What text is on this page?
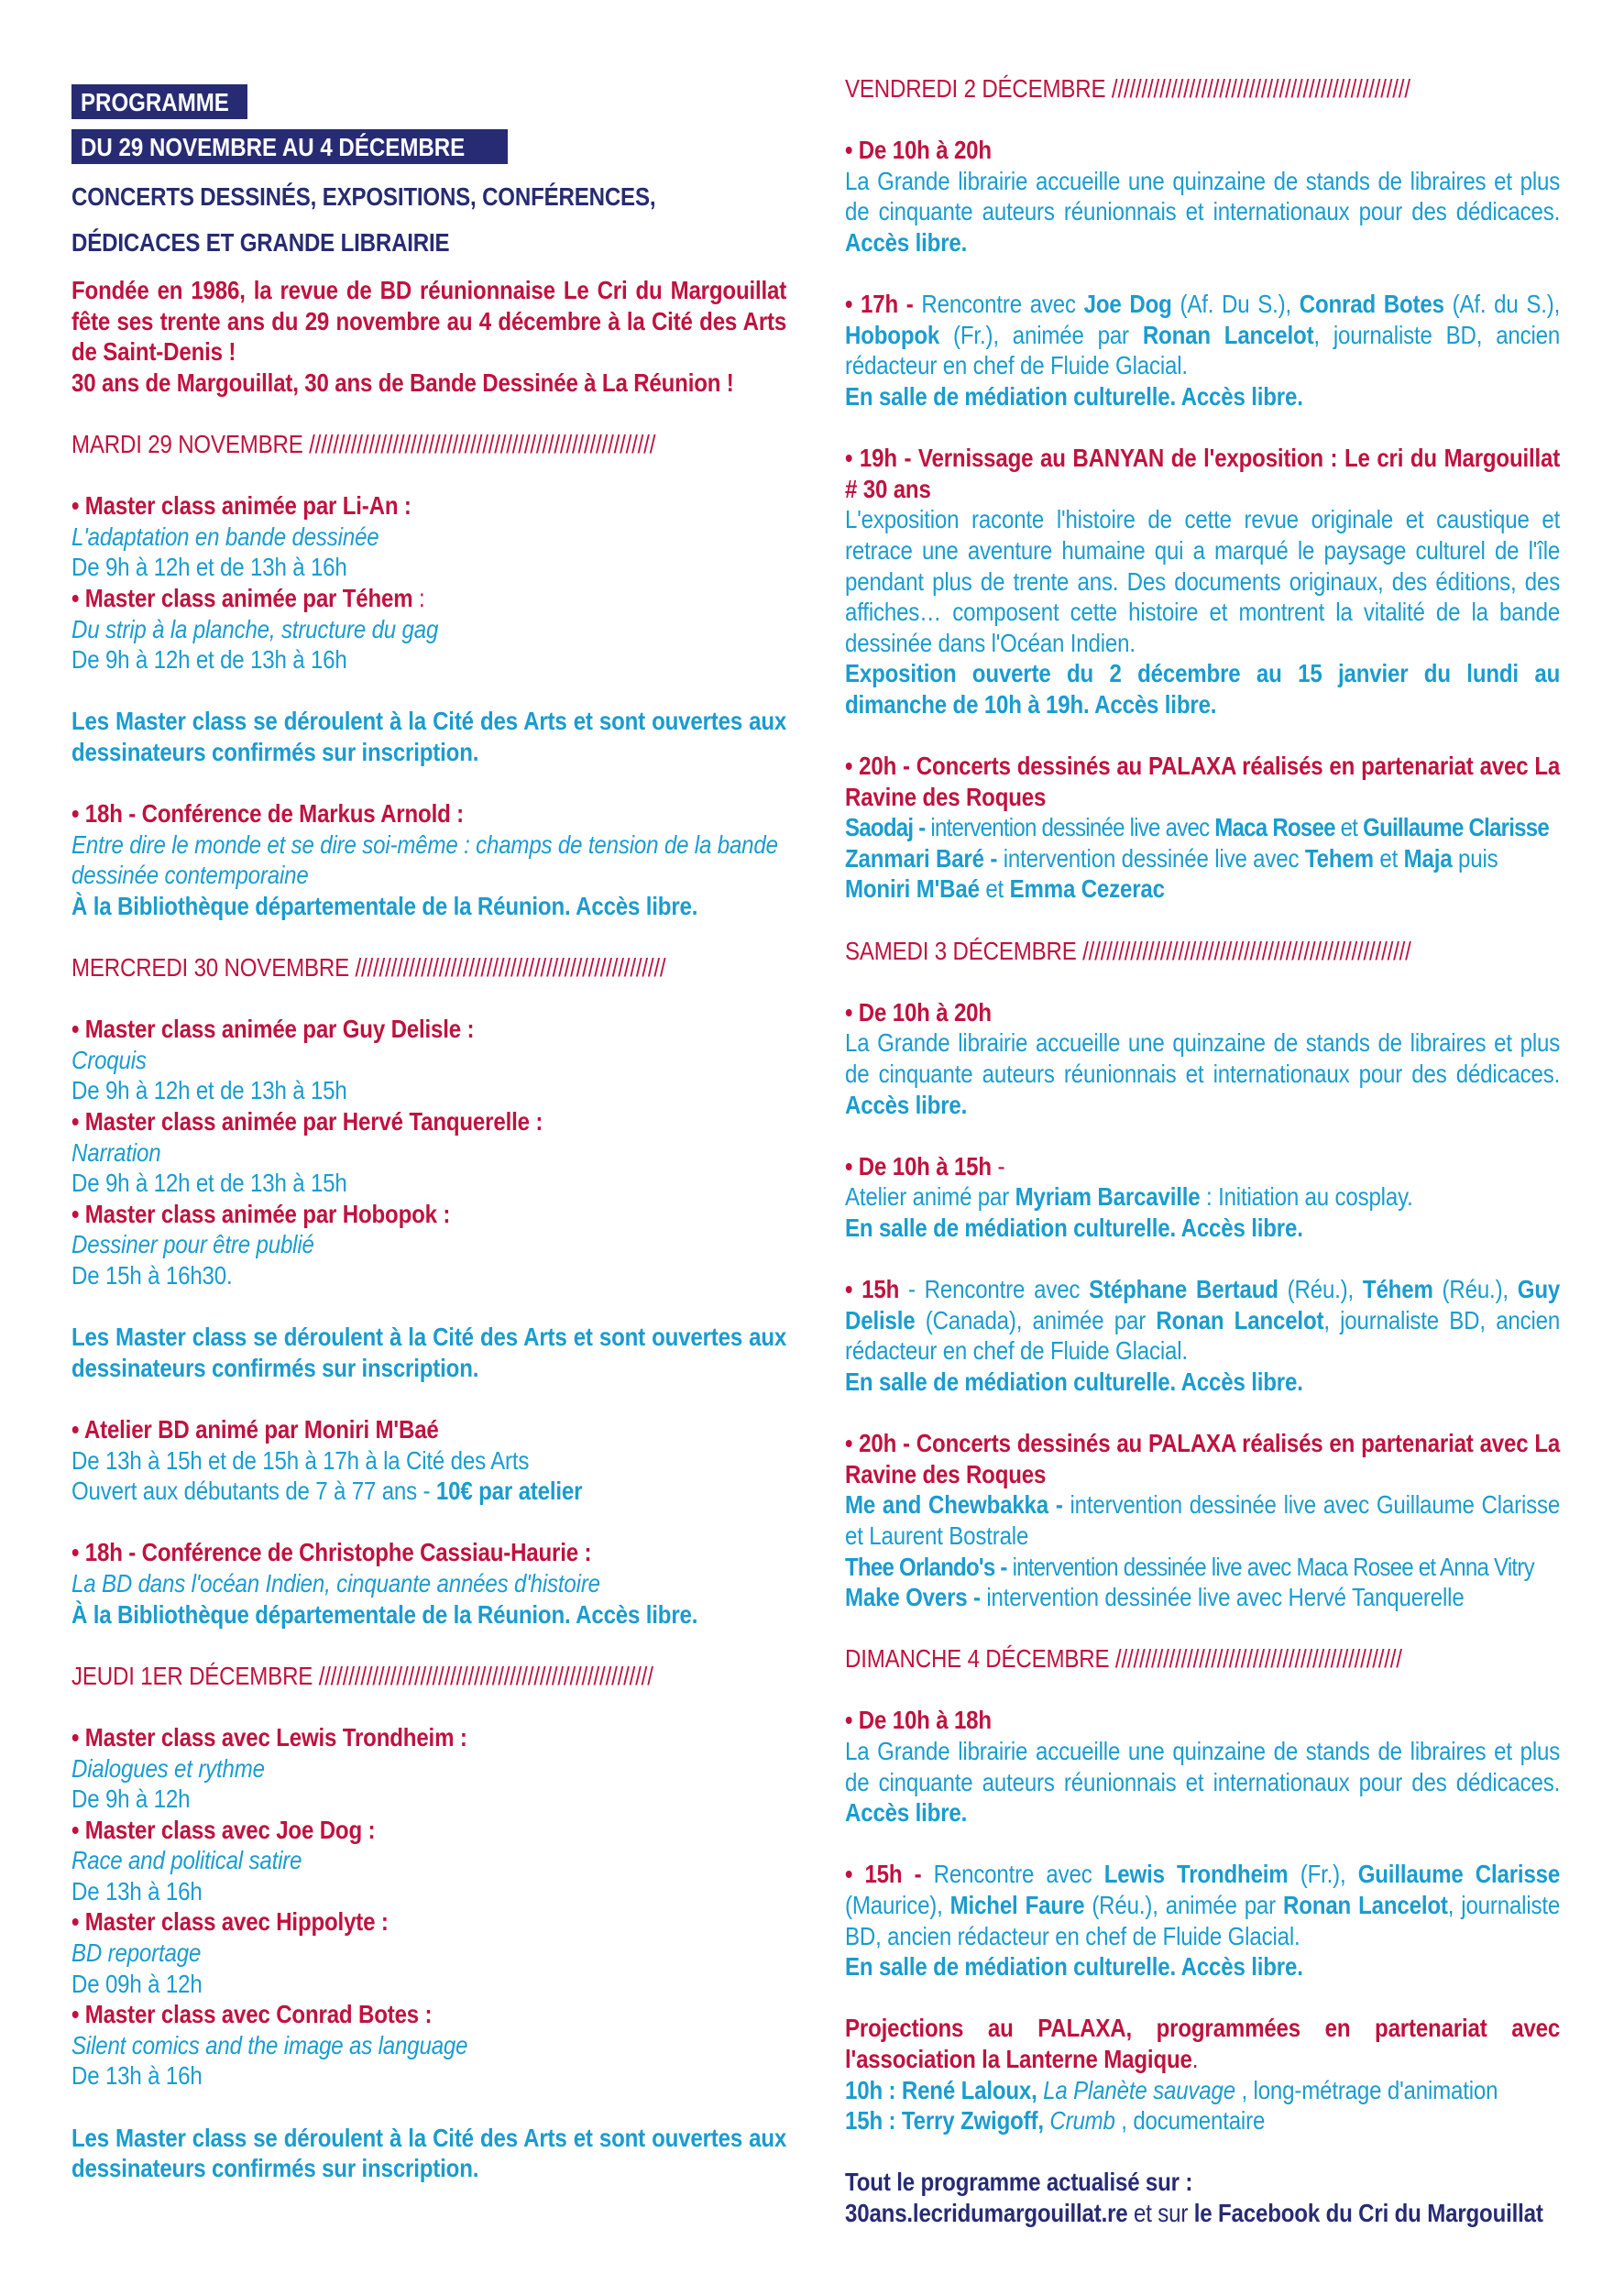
PROGRAMME
DU 29 NOVEMBRE AU 4 DÉCEMBRE
CONCERTS DESSINÉS, EXPOSITIONS, CONFÉRENCES,
DÉDICACES ET GRANDE LIBRAIRIE
Fondée en 1986, la revue de BD réunionnaise Le Cri du Margouillat fête ses trente ans du 29 novembre au 4 décembre à la Cité des Arts de Saint-Denis !
30 ans de Margouillat, 30 ans de Bande Dessinée à La Réunion !
MARDI 29 NOVEMBRE //////////////////////////////////////////////////////////
• Master class animée par Li-An :
L'adaptation en bande dessinée
De 9h à 12h et de 13h à 16h
• Master class animée par Téhem :
Du strip à la planche, structure du gag
De 9h à 12h et de 13h à 16h
Les Master class se déroulent à la Cité des Arts et sont ouvertes aux dessinateurs confirmés sur inscription.
• 18h - Conférence de Markus Arnold :
Entre dire le monde et se dire soi-même : champs de tension de la bande dessinée contemporaine
À la Bibliothèque départementale de la Réunion. Accès libre.
MERCREDI 30 NOVEMBRE ////////////////////////////////////////////////////
• Master class animée par Guy Delisle :
Croquis
De 9h à 12h et de 13h à 15h
• Master class animée par Hervé Tanquerelle :
Narration
De 9h à 12h et de 13h à 15h
• Master class animée par Hobopok :
Dessiner pour être publié
De 15h à 16h30.
Les Master class se déroulent à la Cité des Arts et sont ouvertes aux dessinateurs confirmés sur inscription.
• Atelier BD animé par Moniri M'Baé
De 13h à 15h et de 15h à 17h à la Cité des Arts
Ouvert aux débutants de 7 à 77 ans - 10€ par atelier
• 18h - Conférence de Christophe Cassiau-Haurie :
La BD dans l'océan Indien, cinquante années d'histoire
À la Bibliothèque départementale de la Réunion. Accès libre.
JEUDI 1ER DÉCEMBRE ////////////////////////////////////////////////////////
• Master class avec Lewis Trondheim :
Dialogues et rythme
De 9h à 12h
• Master class avec Joe Dog :
Race and political satire
De 13h à 16h
• Master class avec Hippolyte :
BD reportage
De 09h à 12h
• Master class avec Conrad Botes :
Silent comics and the image as language
De 13h à 16h
Les Master class se déroulent à la Cité des Arts et sont ouvertes aux dessinateurs confirmés sur inscription.
VENDREDI 2 DÉCEMBRE //////////////////////////////////////////////////
• De 10h à 20h
La Grande librairie accueille une quinzaine de stands de libraires et plus de cinquante auteurs réunionnais et internationaux pour des dédicaces. Accès libre.
• 17h - Rencontre avec Joe Dog (Af. Du S.), Conrad Botes (Af. du S.), Hobopok (Fr.), animée par Ronan Lancelot, journaliste BD, ancien rédacteur en chef de Fluide Glacial.
En salle de médiation culturelle. Accès libre.
• 19h - Vernissage au BANYAN de l'exposition : Le cri du Margouillat # 30 ans
L'exposition raconte l'histoire de cette revue originale et caustique et retrace une aventure humaine qui a marqué le paysage culturel de l'île pendant plus de trente ans. Des documents originaux, des éditions, des affiches… composent cette histoire et montrent la vitalité de la bande dessinée dans l'Océan Indien.
Exposition ouverte du 2 décembre au 15 janvier du lundi au dimanche de 10h à 19h. Accès libre.
• 20h - Concerts dessinés au PALAXA réalisés en partenariat avec La Ravine des Roques
Saodaj - intervention dessinée live avec Maca Rosee et Guillaume Clarisse
Zanmari Baré - intervention dessinée live avec Tehem et Maja puis Moniri M'Baé et Emma Cezerac
SAMEDI 3 DÉCEMBRE ///////////////////////////////////////////////////////
• De 10h à 20h
La Grande librairie accueille une quinzaine de stands de libraires et plus de cinquante auteurs réunionnais et internationaux pour des dédicaces. Accès libre.
• De 10h à 15h -
Atelier animé par Myriam Barcaville : Initiation au cosplay.
En salle de médiation culturelle. Accès libre.
• 15h - Rencontre avec Stéphane Bertaud (Réu.), Téhem (Réu.), Guy Delisle (Canada), animée par Ronan Lancelot, journaliste BD, ancien rédacteur en chef de Fluide Glacial.
En salle de médiation culturelle. Accès libre.
• 20h - Concerts dessinés au PALAXA réalisés en partenariat avec La Ravine des Roques
Me and Chewbakka - intervention dessinée live avec Guillaume Clarisse et Laurent Bostrale
Thee Orlando's - intervention dessinée live avec Maca Rosee et Anna Vitry
Make Overs - intervention dessinée live avec Hervé Tanquerelle
DIMANCHE 4 DÉCEMBRE ////////////////////////////////////////////////
• De 10h à 18h
La Grande librairie accueille une quinzaine de stands de libraires et plus de cinquante auteurs réunionnais et internationaux pour des dédicaces. Accès libre.
• 15h - Rencontre avec Lewis Trondheim (Fr.), Guillaume Clarisse (Maurice), Michel Faure (Réu.), animée par Ronan Lancelot, journaliste BD, ancien rédacteur en chef de Fluide Glacial.
En salle de médiation culturelle. Accès libre.
Projections au PALAXA, programmées en partenariat avec l'association la Lanterne Magique.
10h : René Laloux, La Planète sauvage , long-métrage d'animation
15h : Terry Zwigoff, Crumb , documentaire
Tout le programme actualisé sur :
30ans.lecridumargouillat.re et sur le Facebook du Cri du Margouillat
